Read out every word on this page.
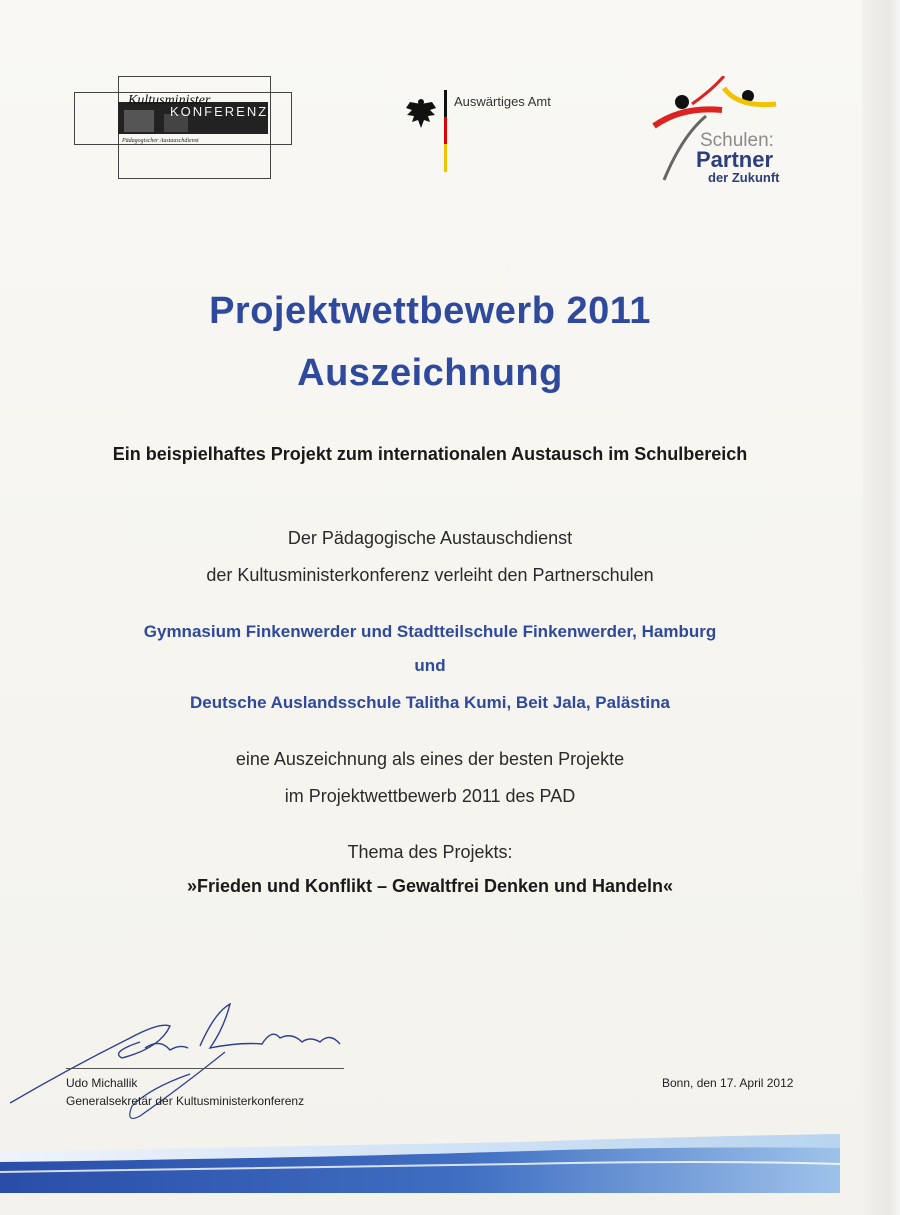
Kultusminister
KONFERENZ
Pädagogischer Austauschdienst
Auswärtiges Amt
Schulen:
Partner
der Zukunft
Projektwettbewerb 2011
Auszeichnung
Ein beispielhaftes Projekt zum internationalen Austausch im Schulbereich
Der Pädagogische Austauschdienst
der Kultusministerkonferenz verleiht den Partnerschulen
Gymnasium Finkenwerder und Stadtteilschule Finkenwerder, Hamburg
und
Deutsche Auslandsschule Talitha Kumi, Beit Jala, Palästina
eine Auszeichnung als eines der besten Projekte
im Projektwettbewerb 2011 des PAD
Thema des Projekts:
»Frieden und Konflikt – Gewaltfrei Denken und Handeln«
Udo Michallik
Generalsekretär der Kultusministerkonferenz
Bonn, den 17. April 2012
